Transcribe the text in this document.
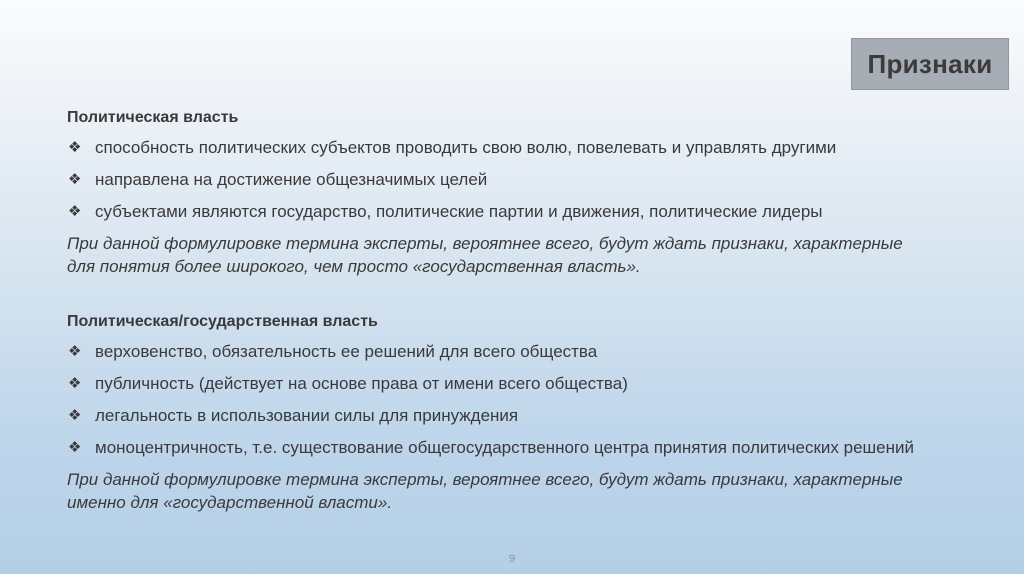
Признаки
Политическая власть
❖ способность политических субъектов проводить свою волю, повелевать и управлять другими
❖ направлена на достижение общезначимых целей
❖ субъектами являются государство, политические партии и движения, политические лидеры
При данной формулировке термина эксперты, вероятнее всего, будут ждать признаки, характерные
для понятия более широкого, чем просто «государственная власть».
Политическая/государственная власть
❖ верховенство, обязательность ее решений для всего общества
❖ публичность (действует на основе права от имени всего общества)
❖ легальность в использовании силы для принуждения
❖ моноцентричность, т.е. существование общегосударственного центра принятия политических решений
При данной формулировке термина эксперты, вероятнее всего, будут ждать признаки, характерные
именно для «государственной власти».
9
